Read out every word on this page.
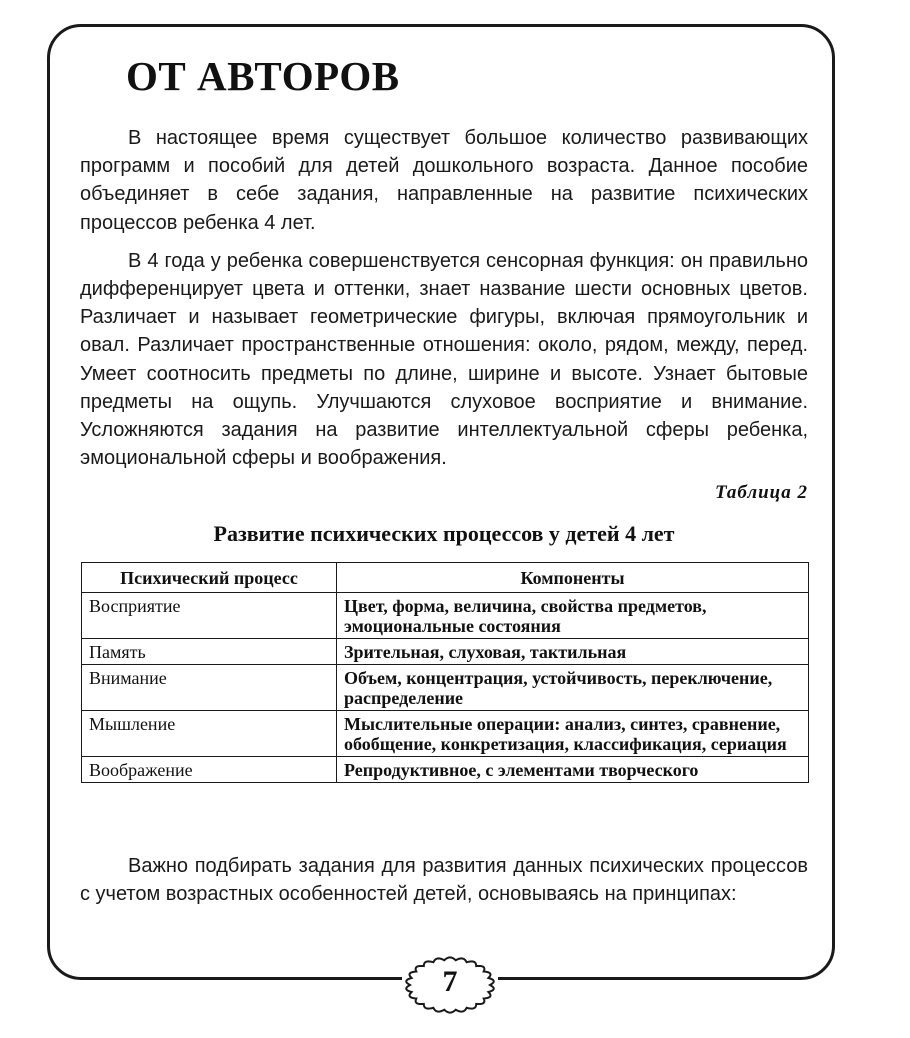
ОТ АВТОРОВ

В настоящее время существует большое количество развивающих программ и пособий для детей дошкольного возраста. Данное пособие объединяет в себе задания, направленные на развитие психических процессов ребенка 4 лет.

В 4 года у ребенка совершенствуется сенсорная функция: он правильно дифференцирует цвета и оттенки, знает название шести основных цветов. Различает и называет геометрические фигуры, включая прямоугольник и овал. Различает пространственные отношения: около, рядом, между, перед. Умеет соотносить предметы по длине, ширине и высоте. Узнает бытовые предметы на ощупь. Улучшаются слуховое восприятие и внимание. Усложняются задания на развитие интеллектуальной сферы ребенка, эмоциональной сферы и воображения.

Таблица 2
Развитие психических процессов у детей 4 лет
Психический процесс	Компоненты
Восприятие	Цвет, форма, величина, свойства предметов, эмоциональные состояния
Память	Зрительная, слуховая, тактильная
Внимание	Объем, концентрация, устойчивость, переключение, распределение
Мышление	Мыслительные операции: анализ, синтез, сравнение, обобщение, конкретизация, классификация, сериация
Воображение	Репродуктивное, с элементами творческого

Важно подбирать задания для развития данных психических процессов с учетом возрастных особенностей детей, основываясь на принципах:

7
